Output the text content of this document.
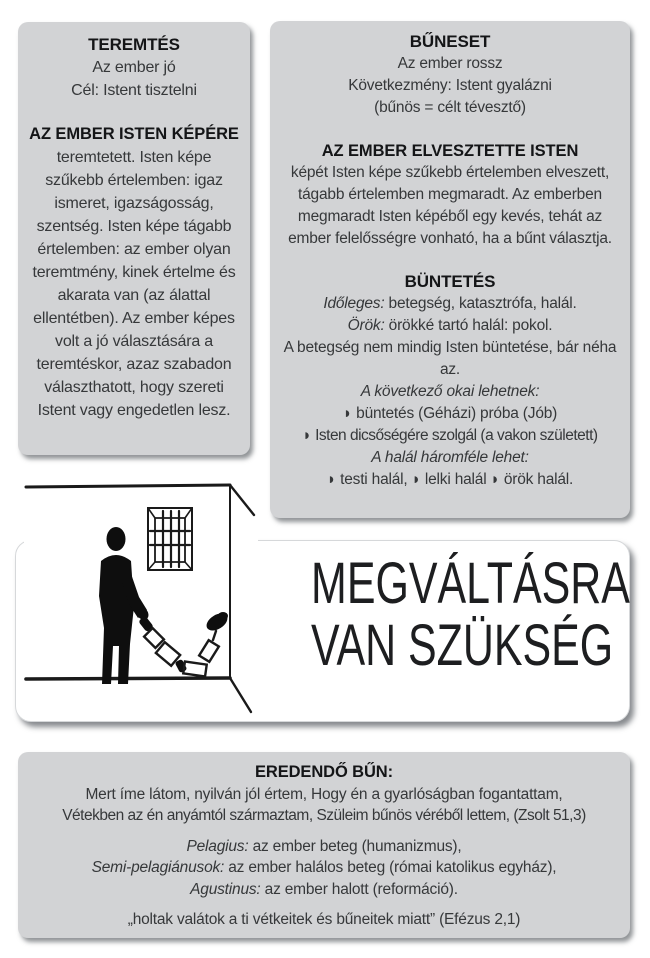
TEREMTÉS
Az ember jó
Cél: Istent tisztelni
AZ EMBER ISTEN KÉPÉRE
teremtetett. Isten képe szűkebb értelemben: igaz ismeret, igazságosság, szentség. Isten képe tágabb értelemben: az ember olyan teremtmény, kinek értelme és akarata van (az álattal ellentétben). Az ember képes volt a jó választására a teremtéskor, azaz szabadon választhatott, hogy szereti Istent vagy engedetlen lesz.
BŰNESET
Az ember rossz
Következmény: Istent gyalázni
(bűnös = célt tévesztő)
AZ EMBER ELVESZTETTE ISTEN
képét Isten képe szűkebb értelemben elveszett, tágabb értelemben megmaradt. Az emberben megmaradt Isten képéből egy kevés, tehát az ember felelősségre vonható, ha a bűnt választja.
BÜNTETÉS
Időleges: betegség, katasztrófa, halál.
Örök: örökké tartó halál: pokol.
A betegség nem mindig Isten büntetése, bár néha az.
A következő okai lehetnek:
◗ büntetés (Géházi) próba (Jób)
◗ Isten dicsőségére szolgál (a vakon született)
A halál háromféle lehet:
◗ testi halál, ◗ lelki halál ◗ örök halál.
MEGVÁLTÁSRA
VAN SZÜKSÉG
EREDENDŐ BŰN:
Mert íme látom, nyilván jól értem, Hogy én a gyarlóságban fogantattam,
Vétekben az én anyámtól származtam, Szüleim bűnös véréből lettem, (Zsolt 51,3)
Pelagius: az ember beteg (humanizmus),
Semi-pelagiánusok: az ember halálos beteg (római katolikus egyház),
Agustinus: az ember halott (reformáció).
„holtak valátok a ti vétkeitek és bűneitek miatt” (Efézus 2,1)
